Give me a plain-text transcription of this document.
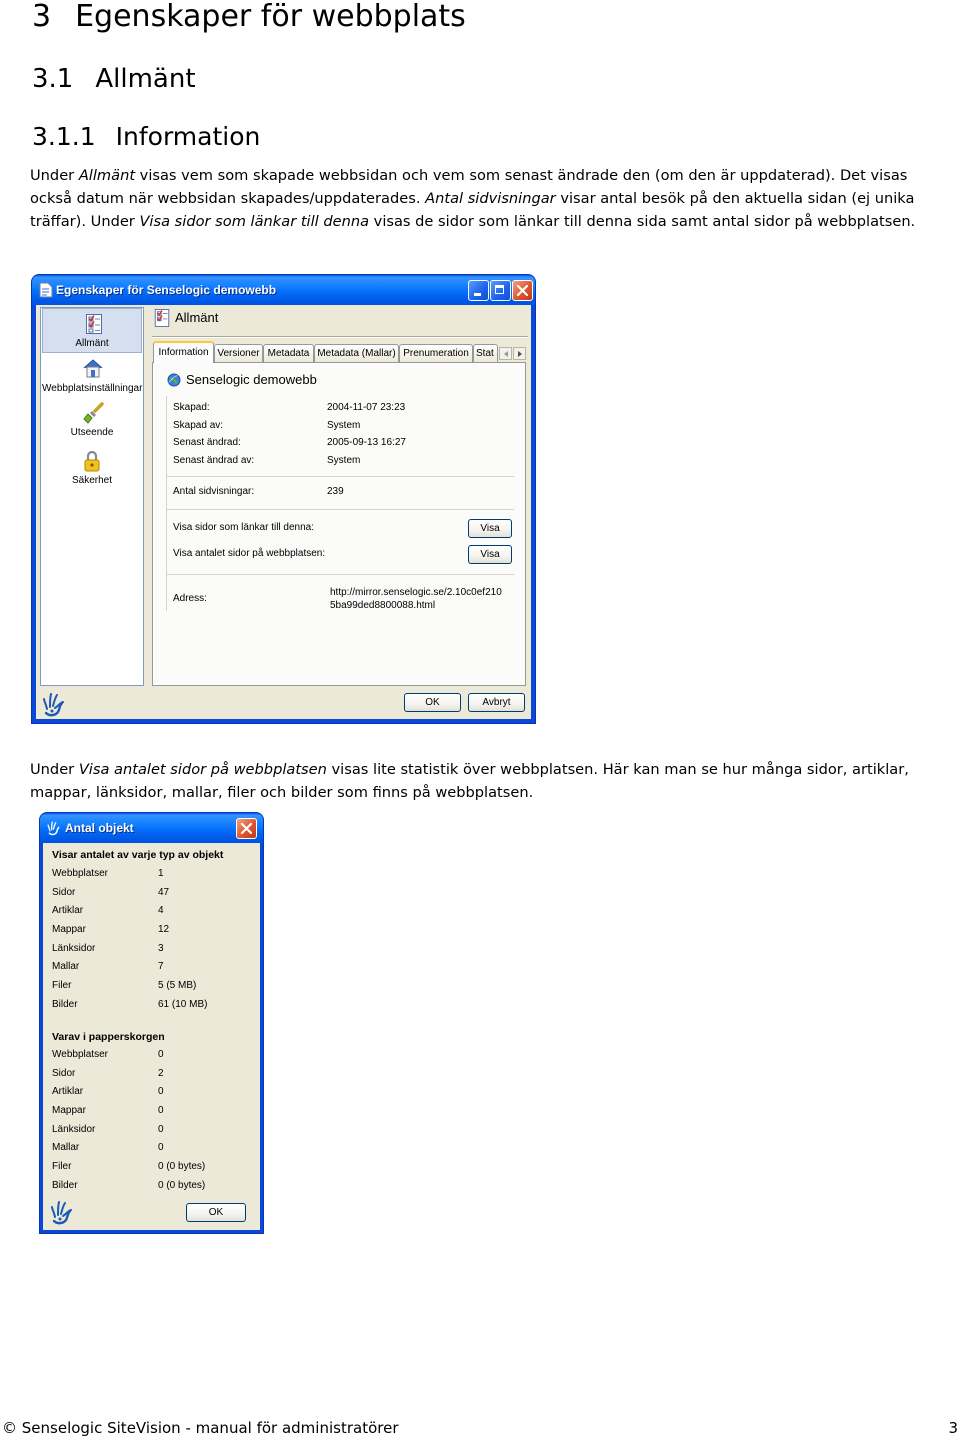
3 Egenskaper för webbplats
3.1 Allmänt
3.1.1 Information

Under Allmänt visas vem som skapade webbsidan och vem som senast ändrade den (om den är uppdaterad). Det visas också datum när webbsidan skapades/uppdaterades. Antal sidvisningar visar antal besök på den aktuella sidan (ej unika träffar). Under Visa sidor som länkar till denna visas de sidor som länkar till denna sida samt antal sidor på webbplatsen.

Egenskaper för Senselogic demowebb
Allmänt
Webbplatsinställningar
Utseende
Säkerhet
Allmänt
Information Versioner Metadata Metadata (Mallar) Prenumeration Stat
Senselogic demowebb
Skapad:	2004-11-07 23:23
Skapad av:	System
Senast ändrad:	2005-09-13 16:27
Senast ändrad av:	System
Antal sidvisningar:	239
Visa sidor som länkar till denna:	Visa
Visa antalet sidor på webbplatsen:	Visa
Adress:
http://mirror.senselogic.se/2.10c0ef210
5ba99ded8800088.html
OK	Avbryt

Under Visa antalet sidor på webbplatsen visas lite statistik över webbplatsen. Här kan man se hur många sidor, artiklar, mappar, länksidor, mallar, filer och bilder som finns på webbplatsen.

Antal objekt
Visar antalet av varje typ av objekt
Webbplatser	1
Sidor	47
Artiklar	4
Mappar	12
Länksidor	3
Mallar	7
Filer	5 (5 MB)
Bilder	61 (10 MB)
Varav i papperskorgen
Webbplatser	0
Sidor	2
Artiklar	0
Mappar	0
Länksidor	0
Mallar	0
Filer	0 (0 bytes)
Bilder	0 (0 bytes)
OK
© Senselogic SiteVision - manual för administratörer	3
